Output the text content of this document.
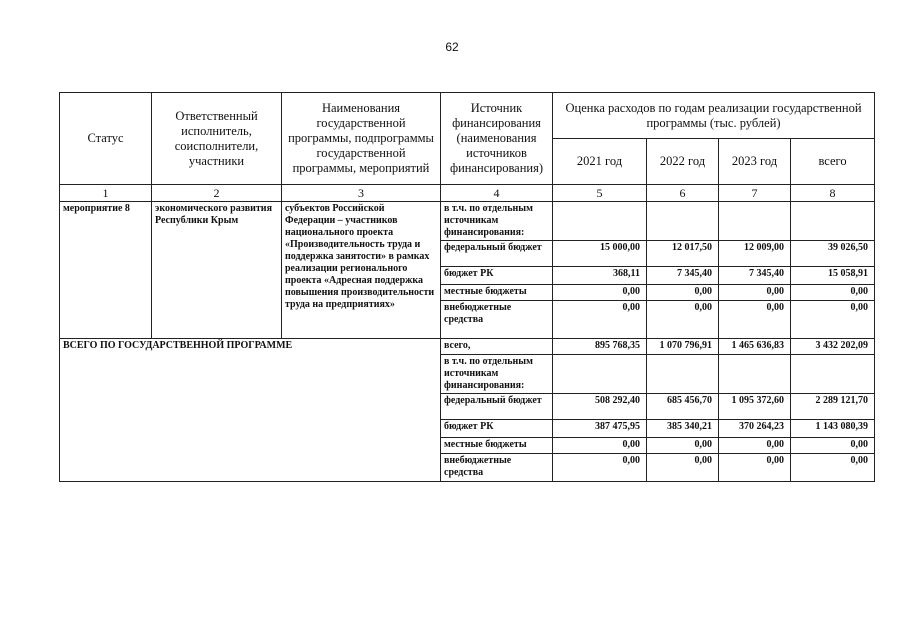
62
Статус	Ответственный исполнитель, соисполнители, участники	Наименования государственной программы, подпрограммы государственной программы, мероприятий	Источник финансирования (наименования источников финансирования)	Оценка расходов по годам реализации государственной программы (тыс. рублей)			
				2021 год	2022 год	2023 год	всего
1	2	3	4	5	6	7	8
мероприятие 8	экономического развития Республики Крым	субъектов Российской Федерации – участников национального проекта «Производительность труда и поддержка занятости» в рамках реализации регионального проекта «Адресная поддержка повышения производительности труда на предприятиях»	в т.ч. по отдельным источникам финансирования:				
			федеральный бюджет	15 000,00	12 017,50	12 009,00	39 026,50
			бюджет РК	368,11	7 345,40	7 345,40	15 058,91
			местные бюджеты	0,00	0,00	0,00	0,00
			внебюджетные средства	0,00	0,00	0,00	0,00
ВСЕГО ПО ГОСУДАРСТВЕННОЙ ПРОГРАММЕ			всего,	895 768,35	1 070 796,91	1 465 636,83	3 432 202,09
			в т.ч. по отдельным источникам финансирования:				
			федеральный бюджет	508 292,40	685 456,70	1 095 372,60	2 289 121,70
			бюджет РК	387 475,95	385 340,21	370 264,23	1 143 080,39
			местные бюджеты	0,00	0,00	0,00	0,00
			внебюджетные средства	0,00	0,00	0,00	0,00
